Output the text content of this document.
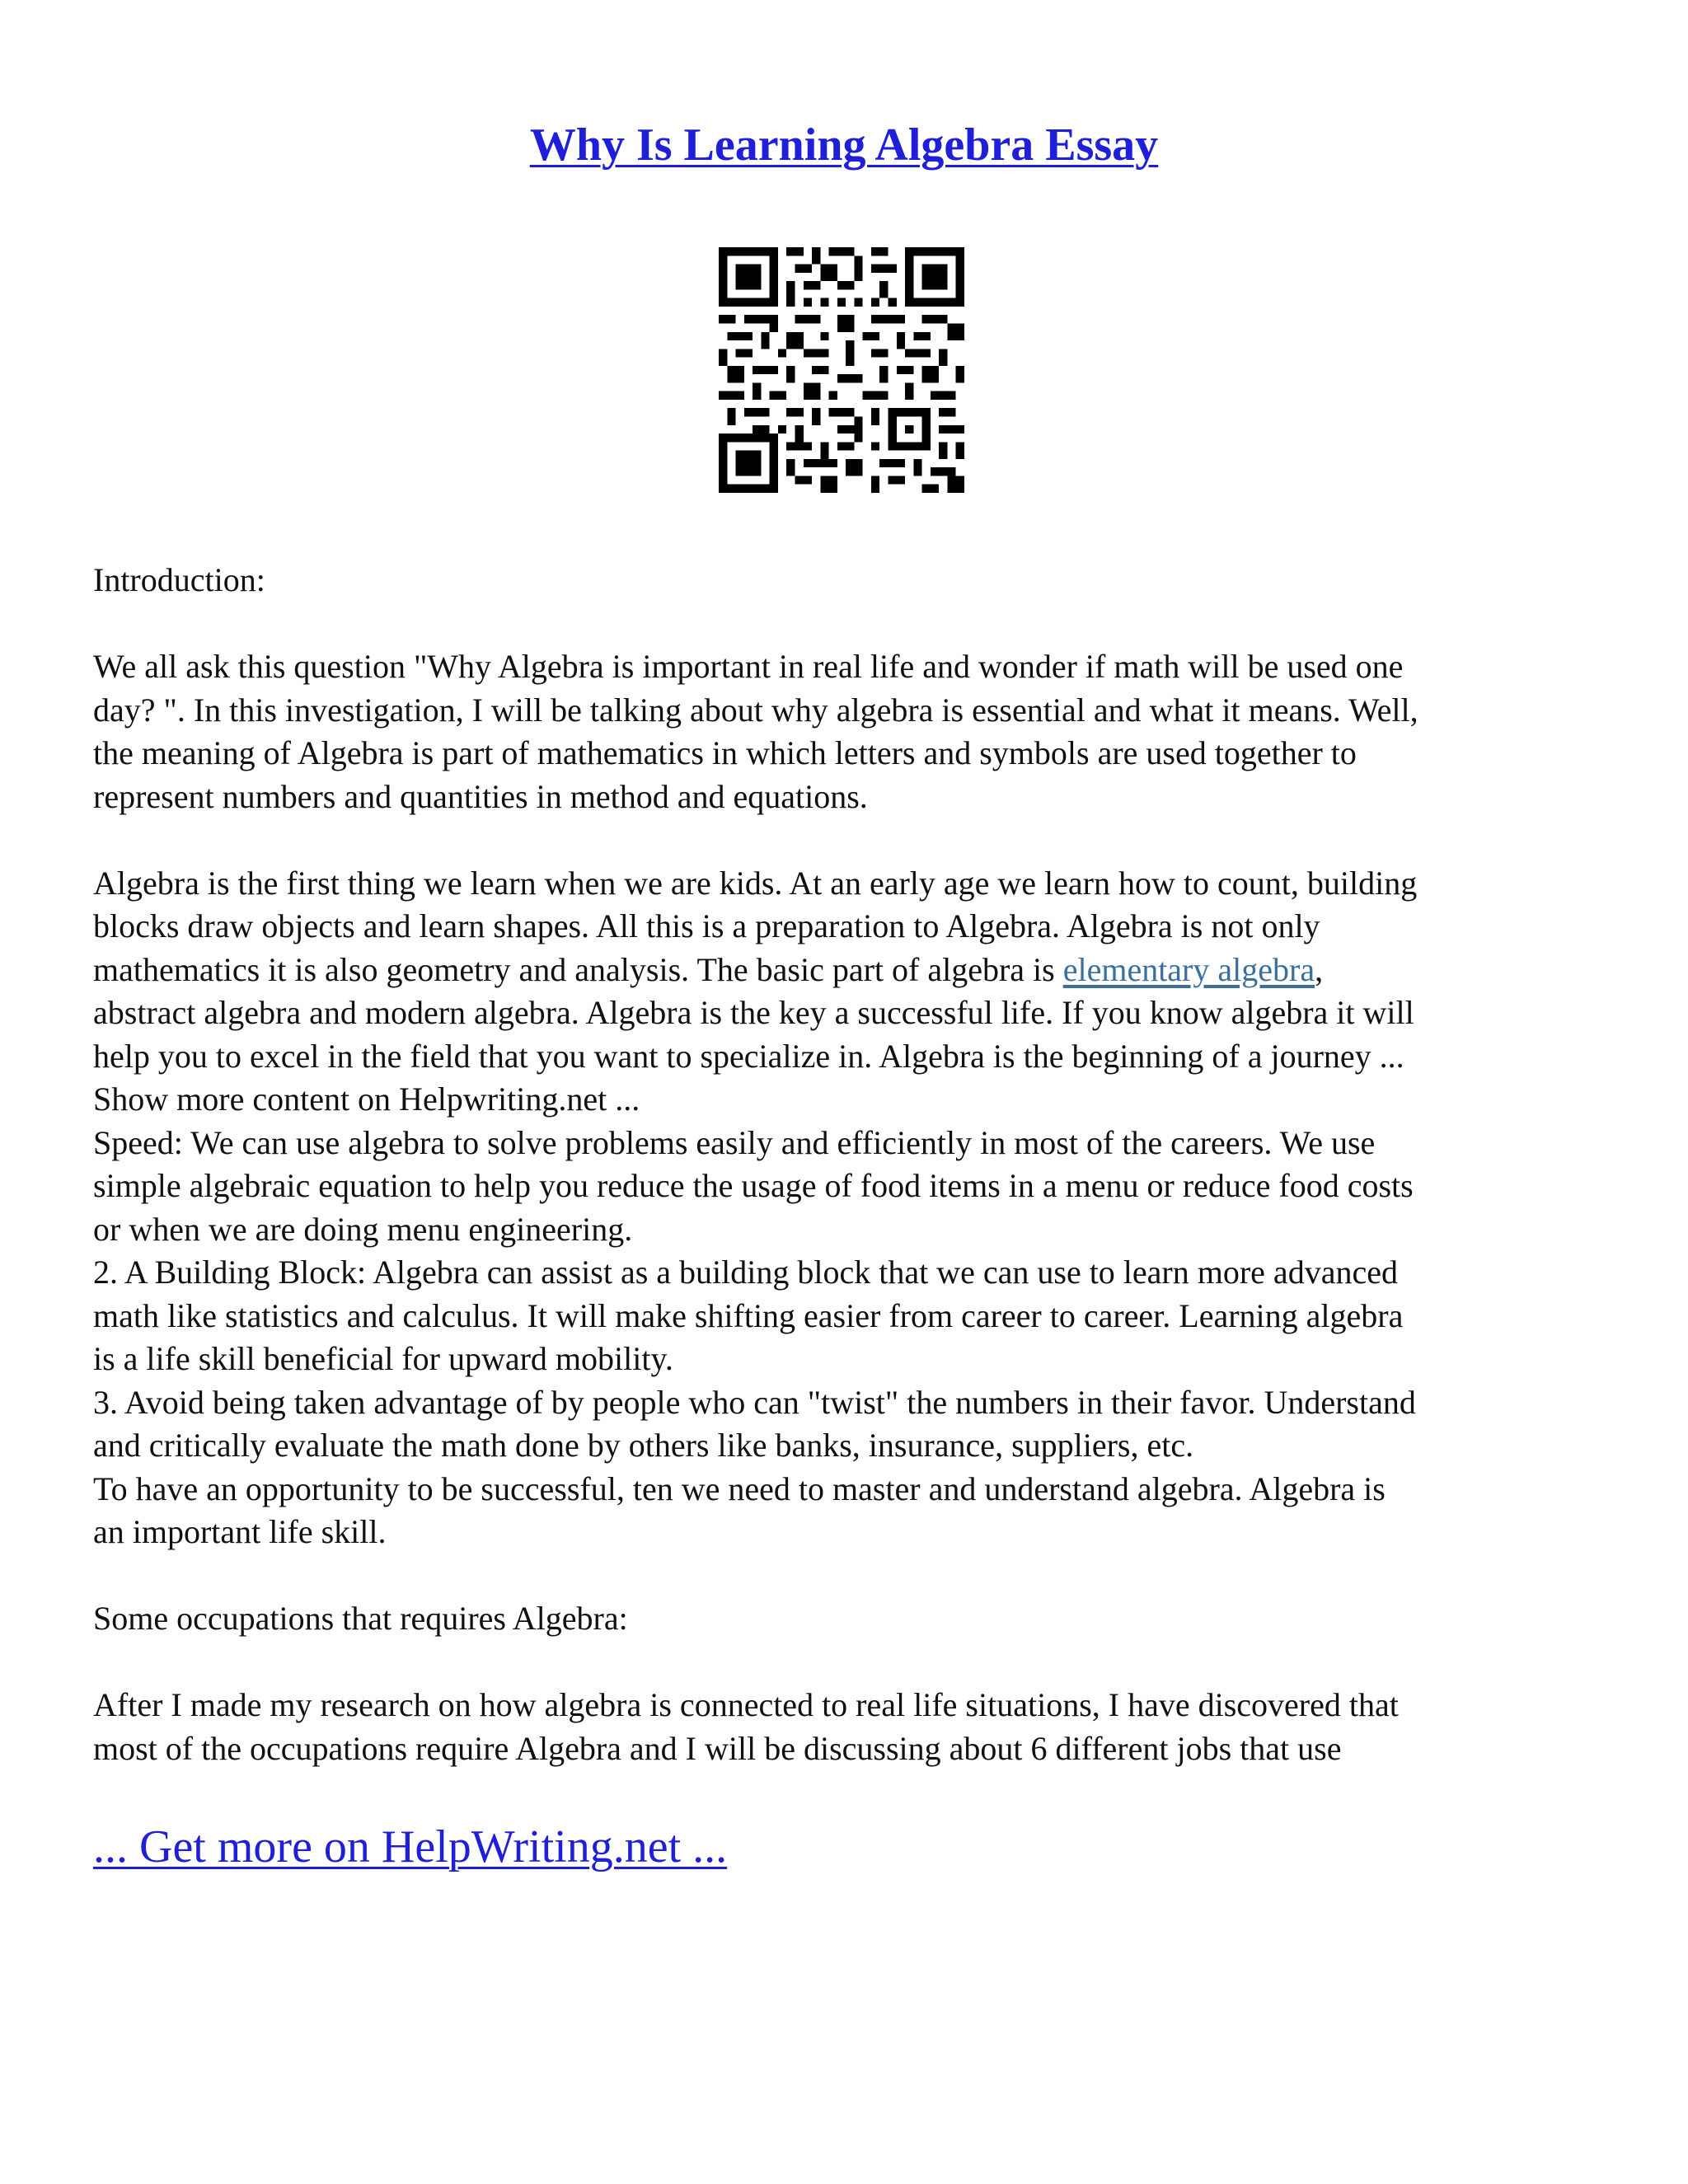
Why Is Learning Algebra Essay
Introduction:
We all ask this question "Why Algebra is important in real life and wonder if math will be used one
day? ". In this investigation, I will be talking about why algebra is essential and what it means. Well,
the meaning of Algebra is part of mathematics in which letters and symbols are used together to
represent numbers and quantities in method and equations.
Algebra is the first thing we learn when we are kids. At an early age we learn how to count, building
blocks draw objects and learn shapes. All this is a preparation to Algebra. Algebra is not only
mathematics it is also geometry and analysis. The basic part of algebra is elementary algebra,
abstract algebra and modern algebra. Algebra is the key a successful life. If you know algebra it will
help you to excel in the field that you want to specialize in. Algebra is the beginning of a journey ...
Show more content on Helpwriting.net ...
Speed: We can use algebra to solve problems easily and efficiently in most of the careers. We use
simple algebraic equation to help you reduce the usage of food items in a menu or reduce food costs
or when we are doing menu engineering.
2. A Building Block: Algebra can assist as a building block that we can use to learn more advanced
math like statistics and calculus. It will make shifting easier from career to career. Learning algebra
is a life skill beneficial for upward mobility.
3. Avoid being taken advantage of by people who can "twist" the numbers in their favor. Understand
and critically evaluate the math done by others like banks, insurance, suppliers, etc.
To have an opportunity to be successful, ten we need to master and understand algebra. Algebra is
an important life skill.
Some occupations that requires Algebra:
After I made my research on how algebra is connected to real life situations, I have discovered that
most of the occupations require Algebra and I will be discussing about 6 different jobs that use
... Get more on HelpWriting.net ...
